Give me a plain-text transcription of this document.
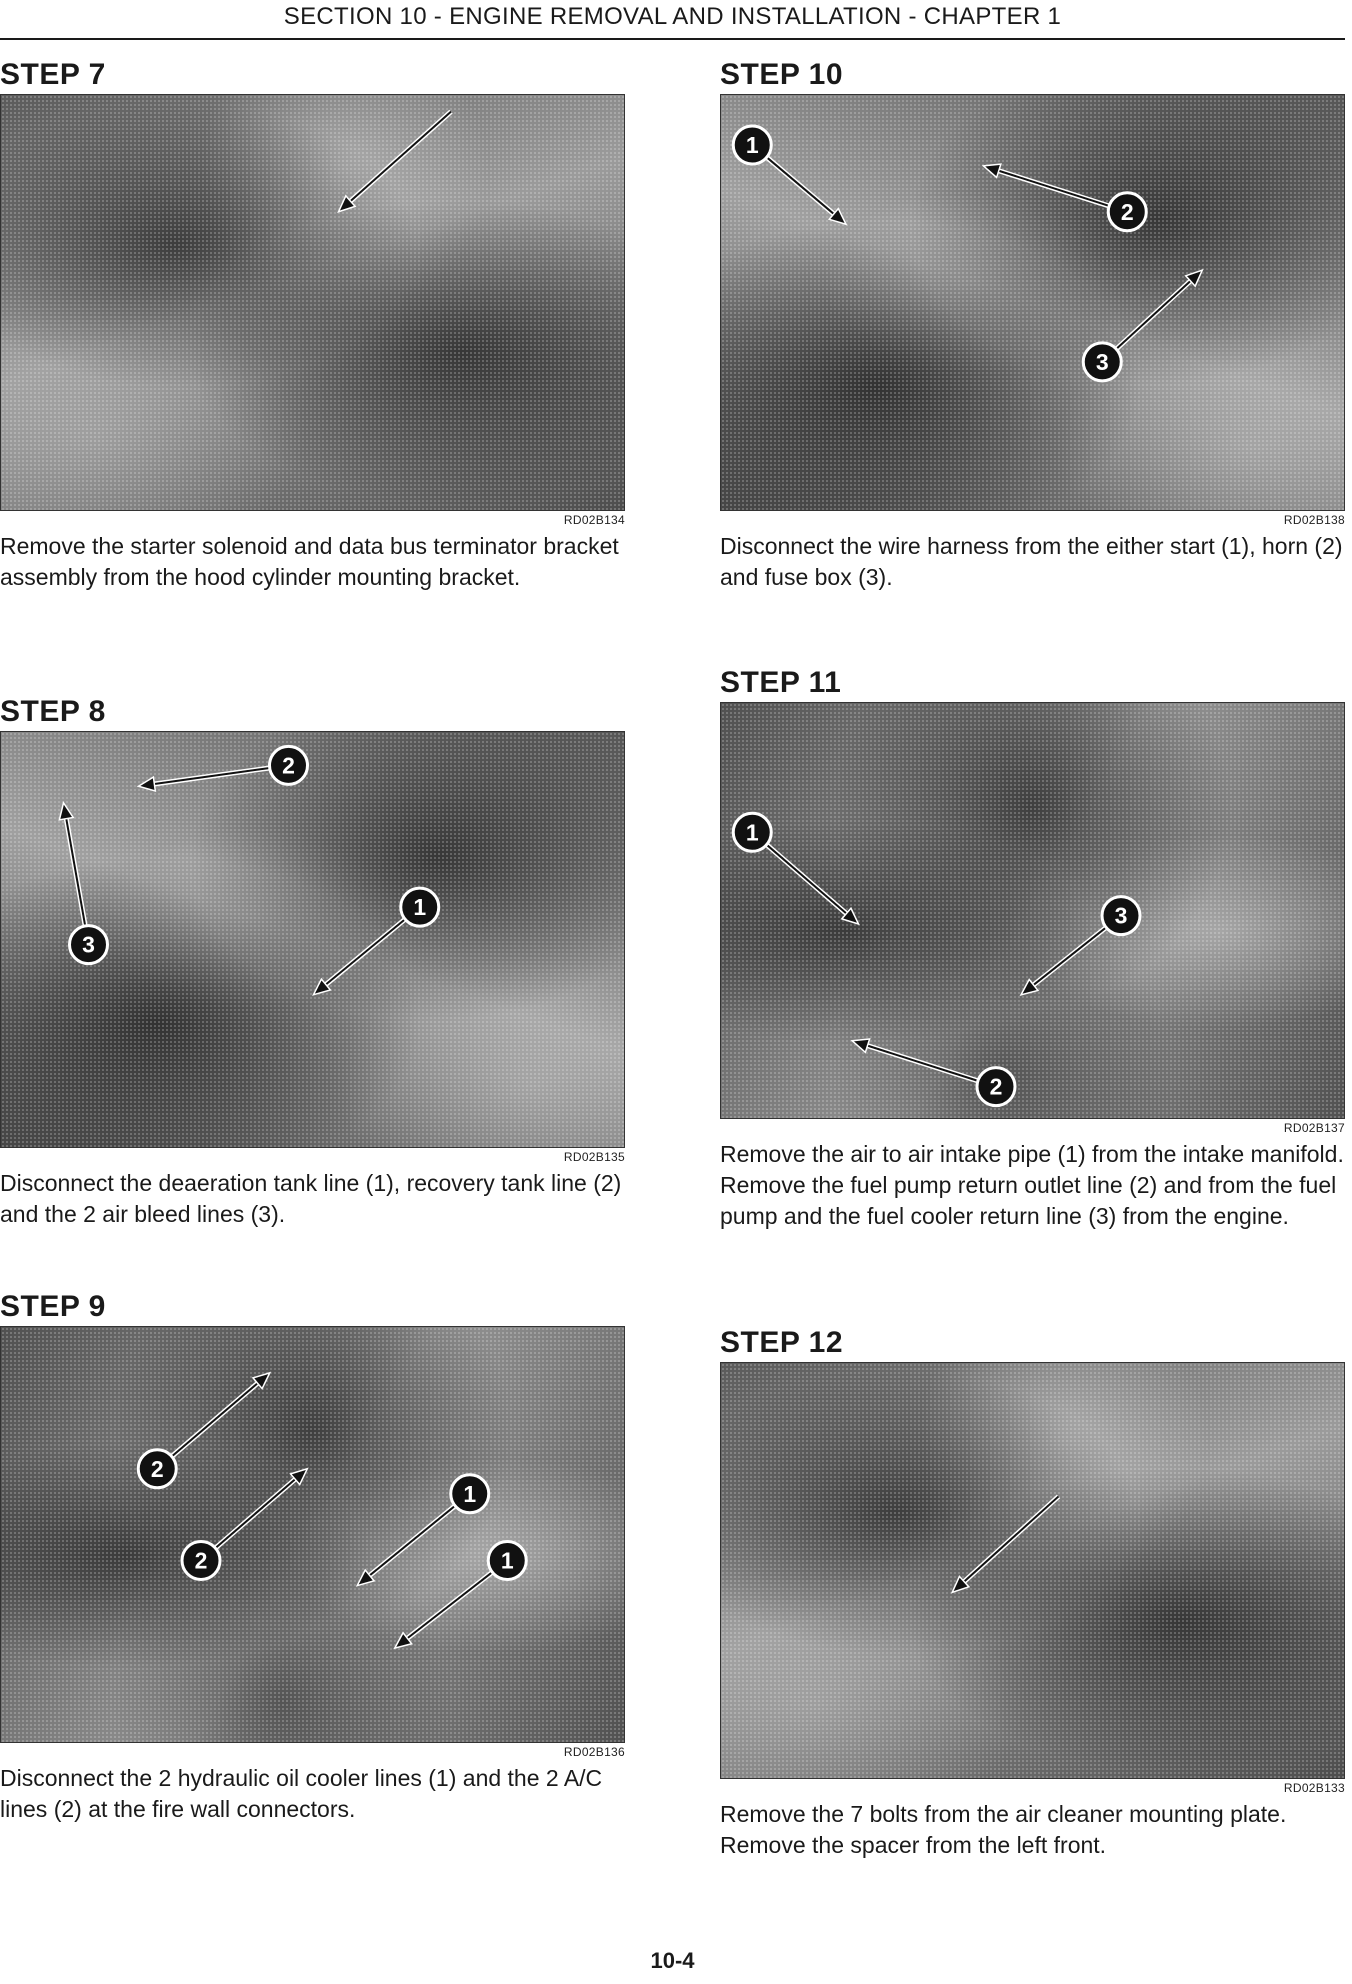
SECTION 10 - ENGINE REMOVAL AND INSTALLATION - CHAPTER 1
STEP 7
RD02B134

Remove the starter solenoid and data bus terminator bracket assembly from the hood cylinder mounting bracket.

STEP 8
1
2
3
RD02B135

Disconnect the deaeration tank line (1), recovery tank line (2) and the 2 air bleed lines (3).

STEP 9
1
1
2
2
RD02B136

Disconnect the 2 hydraulic oil cooler lines (1) and the 2 A/C lines (2) at the fire wall connectors.

STEP 10
1
2
3
RD02B138

Disconnect the wire harness from the either start (1), horn (2) and fuse box (3).

STEP 11
1
2
3
RD02B137

Remove the air to air intake pipe (1) from the intake manifold. Remove the fuel pump return outlet line (2) and from the fuel pump and the fuel cooler return line (3) from the engine.

STEP 12
RD02B133

Remove the 7 bolts from the air cleaner mounting plate. Remove the spacer from the left front.

10-4
